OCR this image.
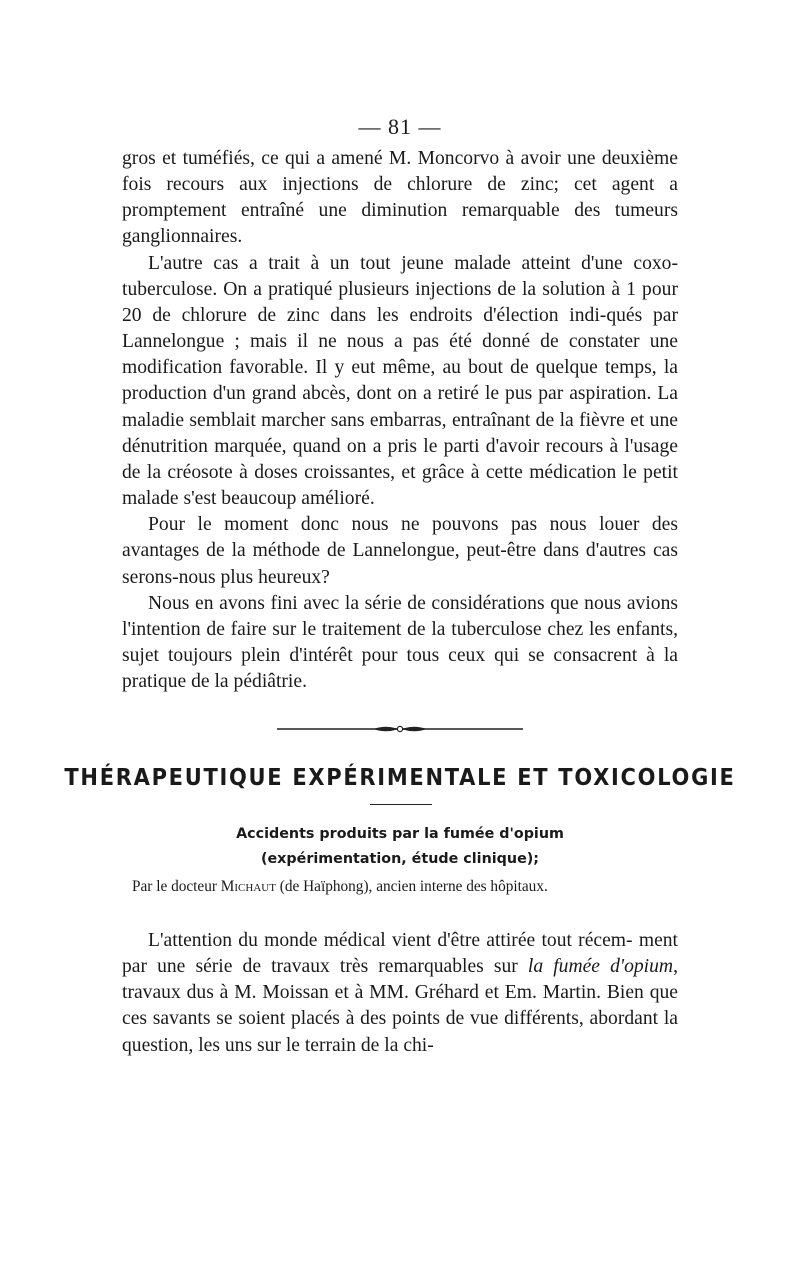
— 81 —

gros et tuméfiés, ce qui a amené M. Moncorvo à avoir une deuxième fois recours aux injections de chlorure de zinc; cet agent a promptement entraîné une diminution remarquable des tumeurs ganglionnaires.

L'autre cas a trait à un tout jeune malade atteint d'une coxo-tuberculose. On a pratiqué plusieurs injections de la solution à 1 pour 20 de chlorure de zinc dans les endroits d'élection indi-qués par Lannelongue ; mais il ne nous a pas été donné de constater une modification favorable. Il y eut même, au bout de quelque temps, la production d'un grand abcès, dont on a retiré le pus par aspiration. La maladie semblait marcher sans embarras, entraînant de la fièvre et une dénutrition marquée, quand on a pris le parti d'avoir recours à l'usage de la créosote à doses croissantes, et grâce à cette médication le petit malade s'est beaucoup amélioré.

Pour le moment donc nous ne pouvons pas nous louer des avantages de la méthode de Lannelongue, peut-être dans d'autres cas serons-nous plus heureux?

Nous en avons fini avec la série de considérations que nous avions l'intention de faire sur le traitement de la tuberculose chez les enfants, sujet toujours plein d'intérêt pour tous ceux qui se consacrent à la pratique de la pédiâtrie.

THÉRAPEUTIQUE EXPÉRIMENTALE ET TOXICOLOGIE
Accidents produits par la fumée d'opium
(expérimentation, étude clinique);
Par le docteur Michaut (de Haïphong), ancien interne des hôpitaux.

L'attention du monde médical vient d'être attirée tout récem- ment par une série de travaux très remarquables sur la fumée d'opium, travaux dus à M. Moissan et à MM. Gréhard et Em. Martin. Bien que ces savants se soient placés à des points de vue différents, abordant la question, les uns sur le terrain de la chi-
